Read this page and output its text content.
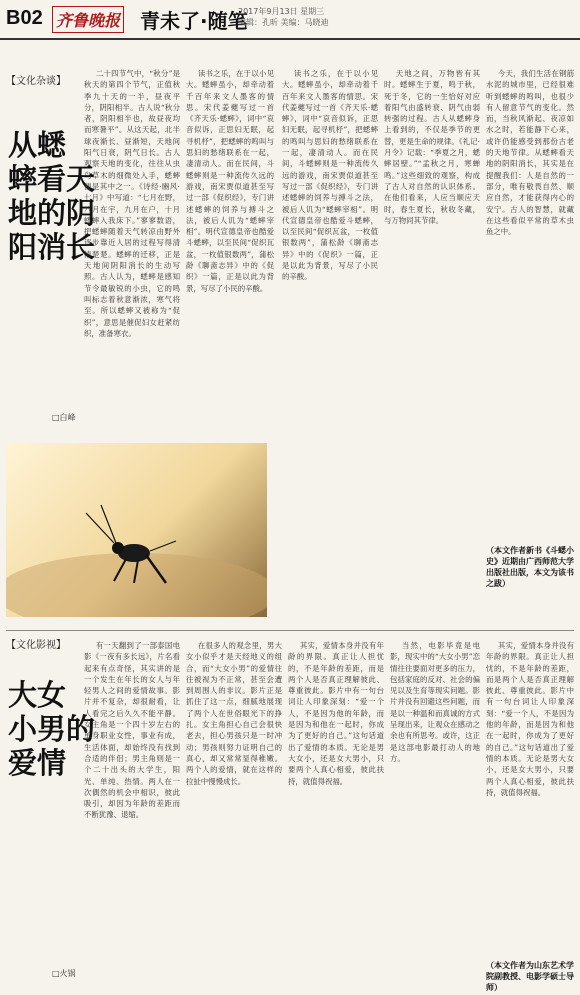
B02 齐鲁晚报 青未了·随笔
2017年9月13日 星期三
编辑：孔昕 美编：马晓迪
【文化杂谈】
从蟋
蟀看天
地的阴
阳消长
□白峰

二十四节气中，“秋分”是秋天的第四个节气，正值秋季九十天的一半，昼夜平分，阴阳相半。古人说“秋分者，阴阳相半也，故昼夜均而寒暑平”。从这天起，北半球夜渐长、昼渐短，天地间阳气日衰，阴气日长。古人观察天地的变化，往往从虫鸟草木的细微处入手，蟋蟀便是其中之一。《诗经·豳风·七月》中写道：“七月在野，八月在宇，九月在户，十月蟋蟀入我床下。”寥寥数语，把蟋蟀随着天气转凉由野外逐步靠近人居的过程写得清清楚楚。蟋蟀的迁移，正是天地间阴阳消长的生动写照。古人认为，蟋蟀是感知节令最敏锐的小虫，它的鸣叫标志着秋意渐浓，寒气将至。所以蟋蟀又被称为“促织”，意思是催促妇女赶紧纺织，准备寒衣。

读书之乐，在于以小见大。蟋蟀虽小，却牵动着千百年来文人墨客的情思。宋代姜夔写过一首《齐天乐·蟋蟀》，词中“哀音似诉，正思妇无眠，起寻机杼”，把蟋蟀的鸣叫与思妇的愁绪联系在一起，凄清动人。而在民间，斗蟋蟀则是一种流传久远的游戏，南宋贾似道甚至写过一部《促织经》，专门讲述蟋蟀的饲养与搏斗之法，被后人讥为“蟋蟀宰相”。明代宣德皇帝也酷爱斗蟋蟀，以至民间“促织瓦盆，一枚值银数两”，蒲松龄《聊斋志异》中的《促织》一篇，正是以此为背景，写尽了小民的辛酸。

读书之乐，在于以小见大。蟋蟀虽小，却牵动着千百年来文人墨客的情思。宋代姜夔写过一首《齐天乐·蟋蟀》，词中“哀音似诉，正思妇无眠，起寻机杼”，把蟋蟀的鸣叫与思妇的愁绪联系在一起，凄清动人。而在民间，斗蟋蟀则是一种流传久远的游戏，南宋贾似道甚至写过一部《促织经》，专门讲述蟋蟀的饲养与搏斗之法，被后人讥为“蟋蟀宰相”。明代宣德皇帝也酷爱斗蟋蟀，以至民间“促织瓦盆，一枚值银数两”，蒲松龄《聊斋志异》中的《促织》一篇，正是以此为背景，写尽了小民的辛酸。

天地之间，万物皆有其时。蟋蟀生于夏，鸣于秋，死于冬，它的一生恰好对应着阳气由盛转衰、阴气由弱转强的过程。古人从蟋蟀身上看到的，不仅是季节的更替，更是生命的规律。《礼记·月令》记载：“季夏之月，蟋蟀居壁。”“孟秋之月，寒蝉鸣。”这些细致的观察，构成了古人对自然的认识体系。在他们看来，人应当顺应天时，春生夏长，秋收冬藏，与万物同其节律。

今天，我们生活在钢筋水泥的城市里，已经很难听到蟋蟀的鸣叫，也很少有人留意节气的变化。然而，当秋风渐起、夜凉如水之时，若能静下心来，或许仍能感受到那份古老的天地节律。从蟋蟀看天地的阴阳消长，其实是在提醒我们：人是自然的一部分，唯有敬畏自然、顺应自然，才能获得内心的安宁。古人的智慧，就藏在这些看似平常的草木虫鱼之中。

（本文作者新书《斗蟋小史》近期由广西师范大学出版社出版，本文为该书之跋）
【文化影视】
大女
小男的
爱情
□火锅

有一天翻到了一部泰国电影《一夜有多长远》，片名看起来有点奇怪，其实讲的是一个发生在年长的女人与年轻男人之间的爱情故事。影片并不复杂，却很耐看，让人看完之后久久不能平静。女主角是一个四十岁左右的单身职业女性，事业有成，生活体面，却始终没有找到合适的伴侣；男主角则是一个二十出头的大学生，阳光、单纯、热情。两人在一次偶然的机会中相识，彼此吸引，却因为年龄的差距而不断犹豫、退缩。

在很多人的观念里，男大女小似乎才是天经地义的组合，而“大女小男”的爱情往往被视为不正常，甚至会遭到周围人的非议。影片正是抓住了这一点，细腻地展现了两个人在世俗眼光下的挣扎。女主角担心自己会很快老去，担心男孩只是一时冲动；男孩则努力证明自己的真心，却又常常显得稚嫩。两个人的爱情，就在这样的拉扯中慢慢成长。

其实，爱情本身并没有年龄的界限。真正让人担忧的，不是年龄的差距，而是两个人是否真正理解彼此、尊重彼此。影片中有一句台词让人印象深刻：“爱一个人，不是因为他的年龄，而是因为和他在一起时，你成为了更好的自己。”这句话道出了爱情的本质。无论是男大女小，还是女大男小，只要两个人真心相爱，彼此扶持，就值得祝福。

当然，电影毕竟是电影，现实中的“大女小男”恋情往往要面对更多的压力，包括家庭的反对、社会的偏见以及生育等现实问题。影片并没有回避这些问题，而是以一种温和而真诚的方式呈现出来，让观众在感动之余也有所思考。或许，这正是这部电影最打动人的地方。

其实，爱情本身并没有年龄的界限。真正让人担忧的，不是年龄的差距，而是两个人是否真正理解彼此、尊重彼此。影片中有一句台词让人印象深刻：“爱一个人，不是因为他的年龄，而是因为和他在一起时，你成为了更好的自己。”这句话道出了爱情的本质。无论是男大女小，还是女大男小，只要两个人真心相爱，彼此扶持，就值得祝福。

（本文作者为山东艺术学院副教授、电影学硕士导师）
